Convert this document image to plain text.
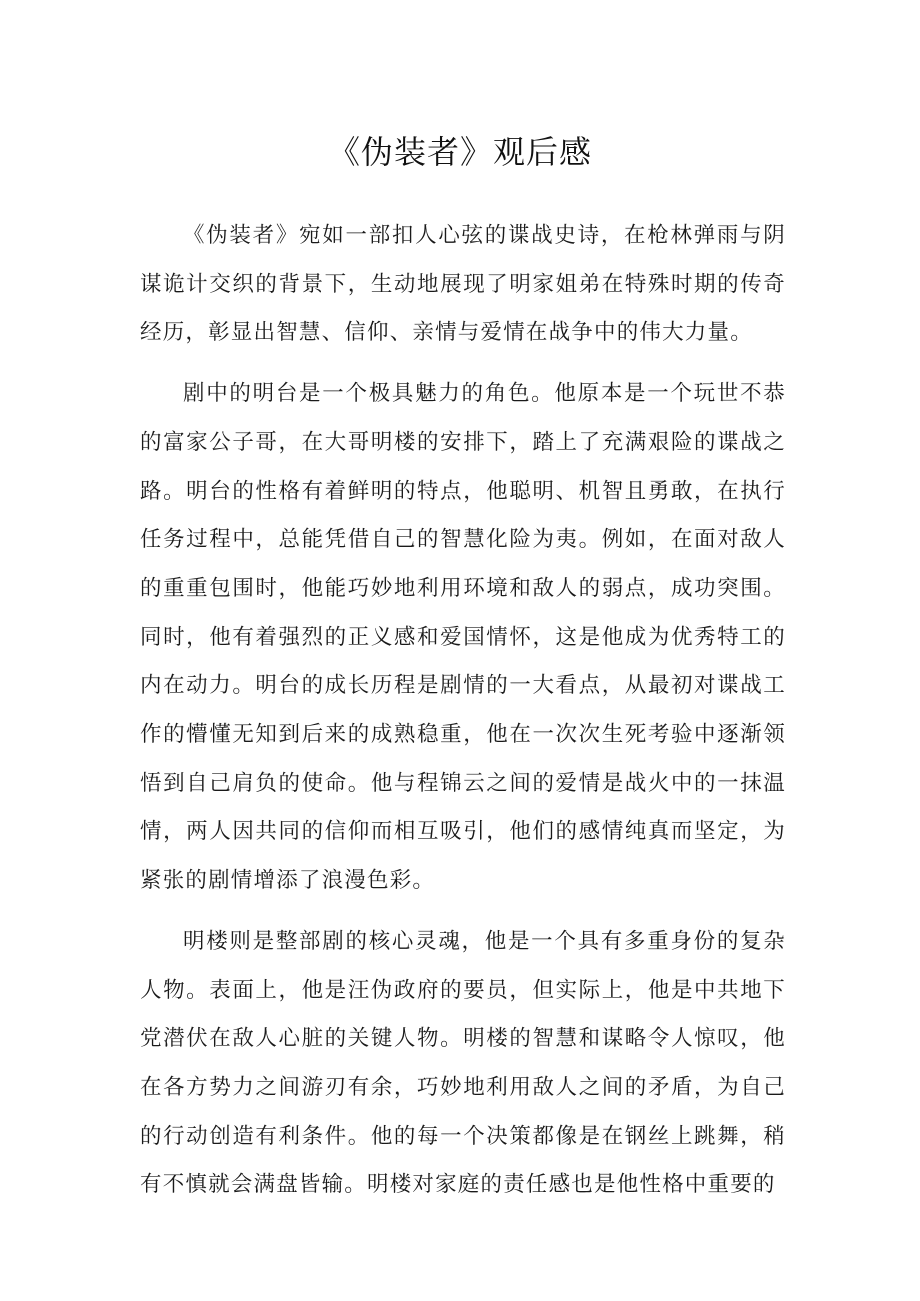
《伪装者》观后感

《伪装者》宛如一部扣人心弦的谍战史诗，在枪林弹雨与阴谋诡计交织的背景下，生动地展现了明家姐弟在特殊时期的传奇经历，彰显出智慧、信仰、亲情与爱情在战争中的伟大力量。

剧中的明台是一个极具魅力的角色。他原本是一个玩世不恭的富家公子哥，在大哥明楼的安排下，踏上了充满艰险的谍战之路。明台的性格有着鲜明的特点，他聪明、机智且勇敢，在执行任务过程中，总能凭借自己的智慧化险为夷。例如，在面对敌人的重重包围时，他能巧妙地利用环境和敌人的弱点，成功突围。同时，他有着强烈的正义感和爱国情怀，这是他成为优秀特工的内在动力。明台的成长历程是剧情的一大看点，从最初对谍战工作的懵懂无知到后来的成熟稳重，他在一次次生死考验中逐渐领悟到自己肩负的使命。他与程锦云之间的爱情是战火中的一抹温情，两人因共同的信仰而相互吸引，他们的感情纯真而坚定，为紧张的剧情增添了浪漫色彩。

明楼则是整部剧的核心灵魂，他是一个具有多重身份的复杂人物。表面上，他是汪伪政府的要员，但实际上，他是中共地下党潜伏在敌人心脏的关键人物。明楼的智慧和谋略令人惊叹，他在各方势力之间游刃有余，巧妙地利用敌人之间的矛盾，为自己的行动创造有利条件。他的每一个决策都像是在钢丝上跳舞，稍有不慎就会满盘皆输。明楼对家庭的责任感也是他性格中重要的
